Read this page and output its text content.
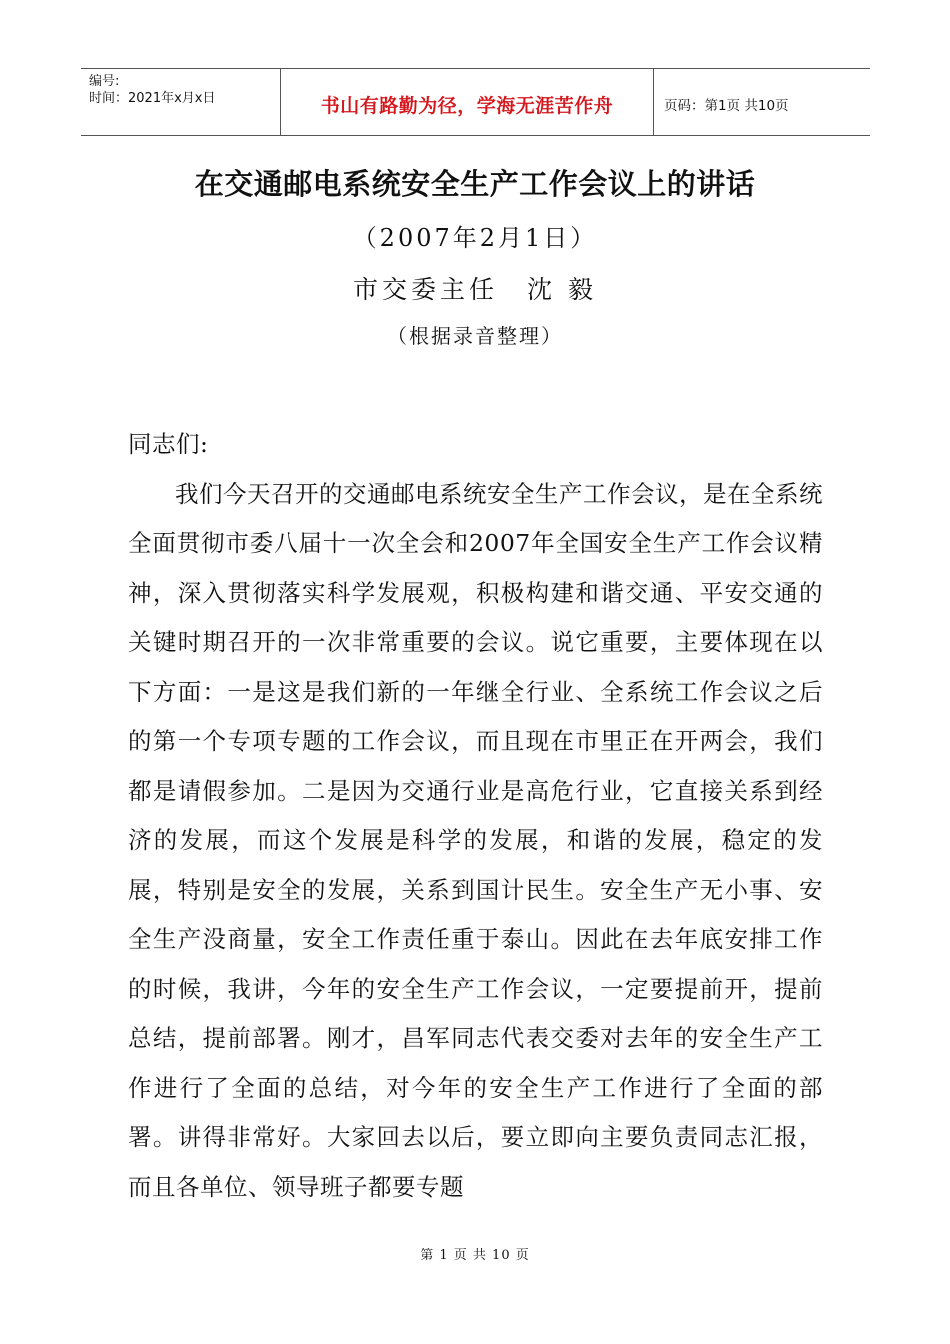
编号:
时间：2021年x月x日	书山有路勤为径，学海无涯苦作舟	页码：第1页 共10页
在交通邮电系统安全生产工作会议上的讲话
（2007年2月1日）
市交委主任　沈 毅
（根据录音整理）

同志们:

我们今天召开的交通邮电系统安全生产工作会议，是在全系统全面贯彻市委八届十一次全会和2007年全国安全生产工作会议精神，深入贯彻落实科学发展观，积极构建和谐交通、平安交通的关键时期召开的一次非常重要的会议。说它重要，主要体现在以下方面：一是这是我们新的一年继全行业、全系统工作会议之后的第一个专项专题的工作会议，而且现在市里正在开两会，我们都是请假参加。二是因为交通行业是高危行业，它直接关系到经济的发展，而这个发展是科学的发展，和谐的发展，稳定的发展，特别是安全的发展，关系到国计民生。安全生产无小事、安全生产没商量，安全工作责任重于泰山。因此在去年底安排工作的时候，我讲，今年的安全生产工作会议，一定要提前开，提前总结，提前部署。刚才，昌军同志代表交委对去年的安全生产工作进行了全面的总结，对今年的安全生产工作进行了全面的部署。讲得非常好。大家回去以后，要立即向主要负责同志汇报，而且各单位、领导班子都要专题

第 1 页 共 10 页
